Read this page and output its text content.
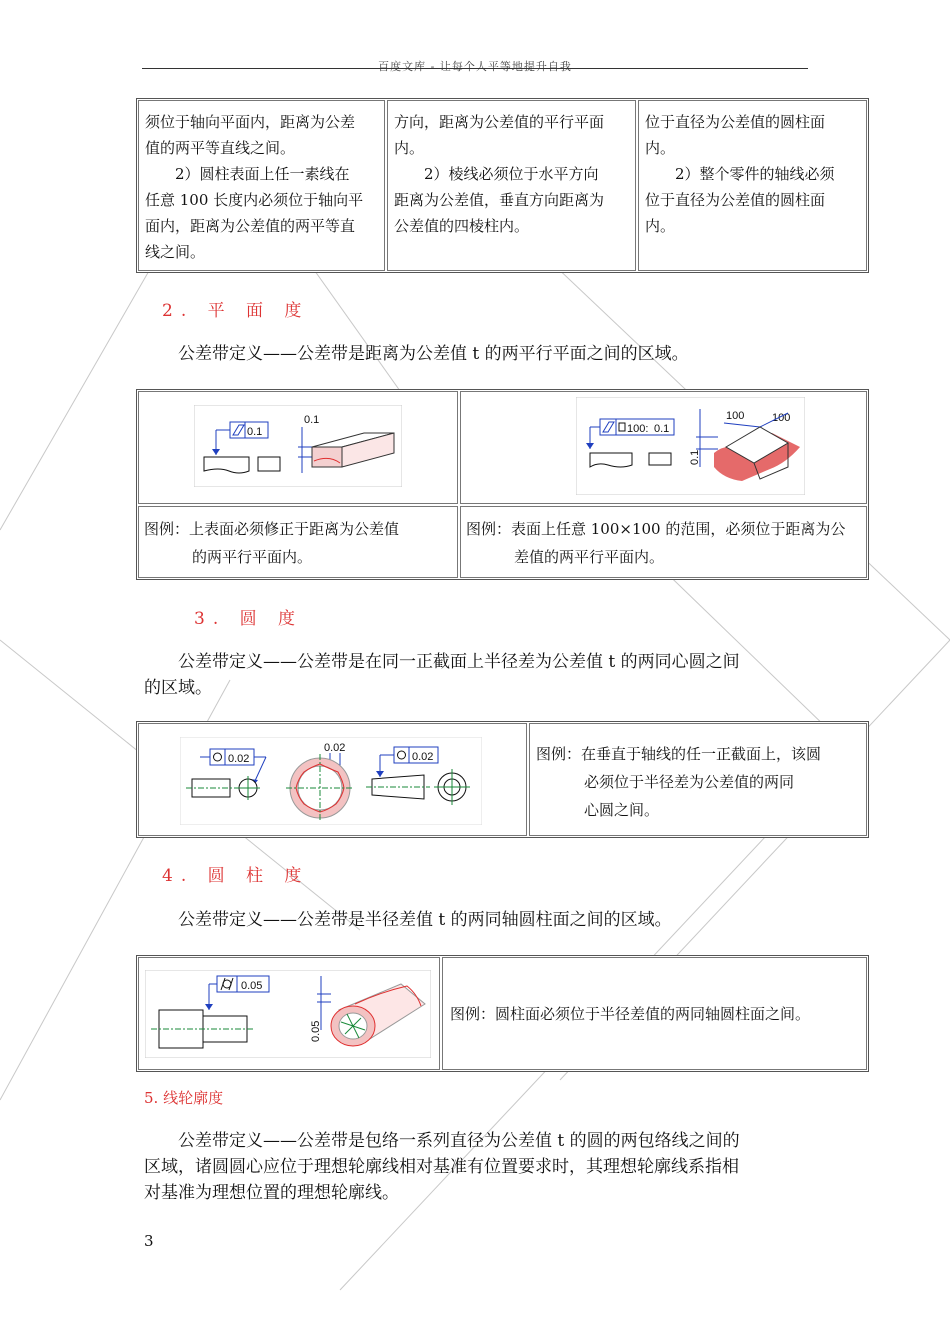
百度文库 - 让每个人平等地提升自我

须位于轴向平面内，距离为公差

值的两平等直线之间。

2）圆柱表面上任一素线在

任意 100 长度内必须位于轴向平

面内，距离为公差值的两平等直

线之间。

方向，距离为公差值的平行平面

内。

2）棱线必须位于水平方向

距离为公差值，垂直方向距离为

公差值的四棱柱内。

位于直径为公差值的圆柱面

内。

2）整个零件的轴线必须

位于直径为公差值的圆柱面

内。

2. 平 面 度
公差带定义——公差带是距离为公差值 t 的两平行平面之间的区域。
0.1
0.1
100: 0.1
0.1
100	100
图例：上表面必须修正于距离为公差值
的两平行平面内。
图例：表面上任意 100×100 的范围，必须位于距离为公
差值的两平行平面内。
3. 圆 度
公差带定义——公差带是在同一正截面上半径差为公差值 t 的两同心圆之间
的区域。
0.02
0.02
0.02	图例：在垂直于轴线的任一正截面上，该圆
必须位于半径差为公差值的两同
心圆之间。
4. 圆 柱 度
公差带定义——公差带是半径差值 t 的两同轴圆柱面之间的区域。
0.05
0.05
图例：圆柱面必须位于半径差值的两同轴圆柱面之间。
5. 线轮廓度
公差带定义——公差带是包络一系列直径为公差值 t 的圆的两包络线之间的
区域，诸圆圆心应位于理想轮廓线相对基准有位置要求时，其理想轮廓线系指相
对基准为理想位置的理想轮廓线。
3
